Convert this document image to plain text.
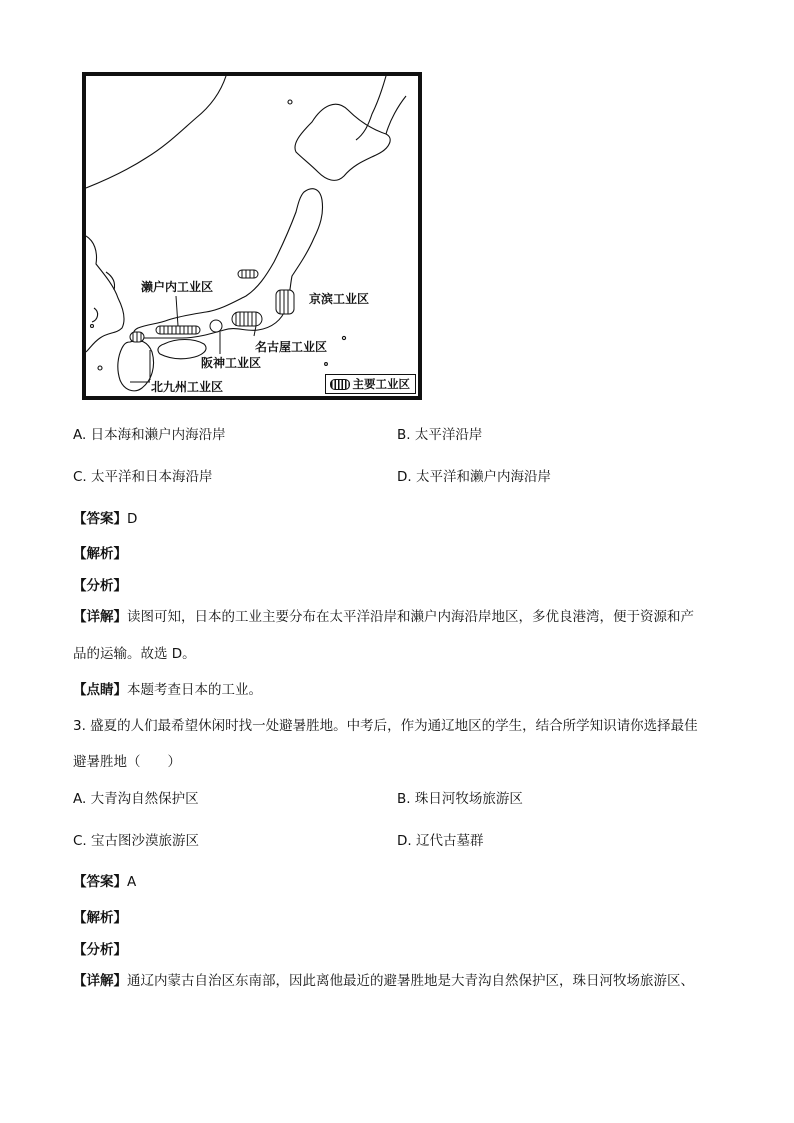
濑户内工业区
京滨工业区
名古屋工业区
阪神工业区
北九州工业区	主要工业区
A. 日本海和濑户内海沿岸	B. 太平洋沿岸
C. 太平洋和日本海沿岸	D. 太平洋和濑户内海沿岸
【答案】D
【解析】
【分析】
【详解】读图可知，日本的工业主要分布在太平洋沿岸和濑户内海沿岸地区，多优良港湾，便于资源和产
品的运输。故选 D。
【点睛】本题考查日本的工业。
3. 盛夏的人们最希望休闲时找一处避暑胜地。中考后，作为通辽地区的学生，结合所学知识请你选择最佳
避暑胜地（　　）
A. 大青沟自然保护区	B. 珠日河牧场旅游区
C. 宝古图沙漠旅游区	D. 辽代古墓群
【答案】A
【解析】
【分析】
【详解】通辽内蒙古自治区东南部，因此离他最近的避暑胜地是大青沟自然保护区，珠日河牧场旅游区、
